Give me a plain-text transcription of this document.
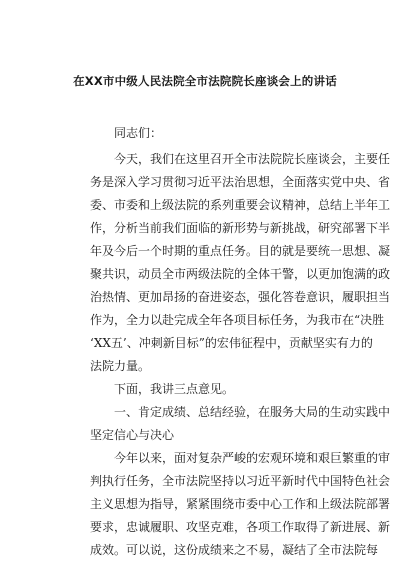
在XX市中级人民法院全市法院院长座谈会上的讲话
同志们：
今天，我们在这里召开全市法院院长座谈会，主要任
务是深入学习贯彻习近平法治思想，全面落实党中央、省
委、市委和上级法院的系列重要会议精神，总结上半年工
作，分析当前我们面临的新形势与新挑战，研究部署下半
年及今后一个时期的重点任务。目的就是要统一思想、凝
聚共识，动员全市两级法院的全体干警，以更加饱满的政
治热情、更加昂扬的奋进姿态，强化答卷意识，履职担当
作为，全力以赴完成全年各项目标任务，为我市在“决胜
‘XX五’、冲刺新目标”的宏伟征程中，贡献坚实有力的
法院力量。
下面，我讲三点意见。
一、肯定成绩、总结经验，在服务大局的生动实践中
坚定信心与决心
今年以来，面对复杂严峻的宏观环境和艰巨繁重的审
判执行任务，全市法院坚持以习近平新时代中国特色社会
主义思想为指导，紧紧围绕市委中心工作和上级法院部署
要求，忠诚履职、攻坚克难，各项工作取得了新进展、新
成效。可以说，这份成绩来之不易，凝结了全市法院每
